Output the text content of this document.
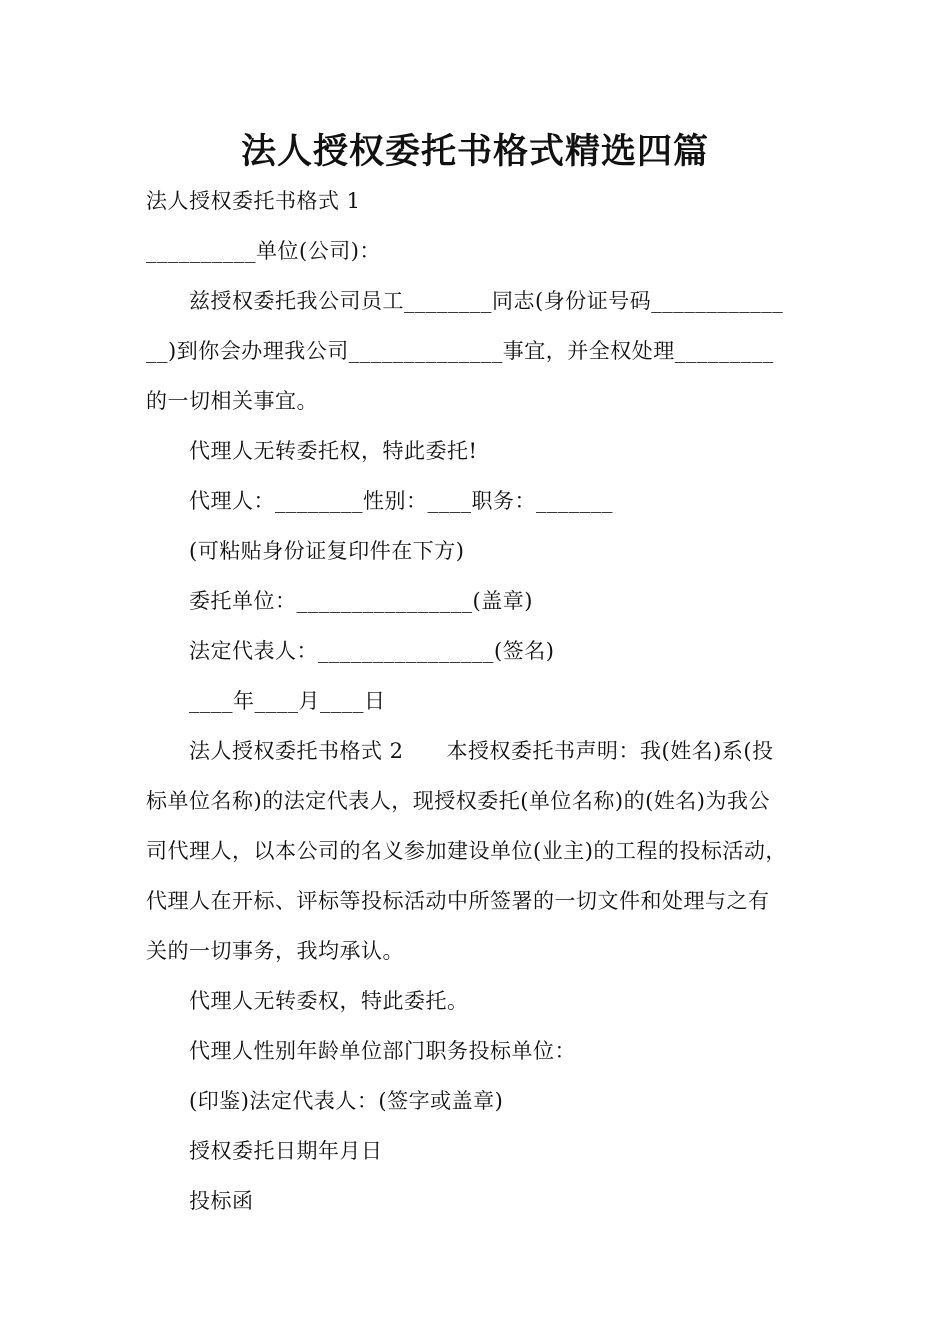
法人授权委托书格式精选四篇
法人授权委托书格式 1
__________单位(公司)：
兹授权委托我公司员工________同志(身份证号码____________
__)到你会办理我公司______________事宜，并全权处理_________
的一切相关事宜。
代理人无转委托权，特此委托!
代理人：________性别：____职务：_______
(可粘贴身份证复印件在下方)
委托单位：________________(盖章)
法定代表人：________________(签名)
____年____月____日
法人授权委托书格式 2　　本授权委托书声明：我(姓名)系(投
标单位名称)的法定代表人，现授权委托(单位名称)的(姓名)为我公
司代理人，以本公司的名义参加建设单位(业主)的工程的投标活动，
代理人在开标、评标等投标活动中所签署的一切文件和处理与之有
关的一切事务，我均承认。
代理人无转委权，特此委托。
代理人性别年龄单位部门职务投标单位：
(印鉴)法定代表人：(签字或盖章)
授权委托日期年月日
投标函
